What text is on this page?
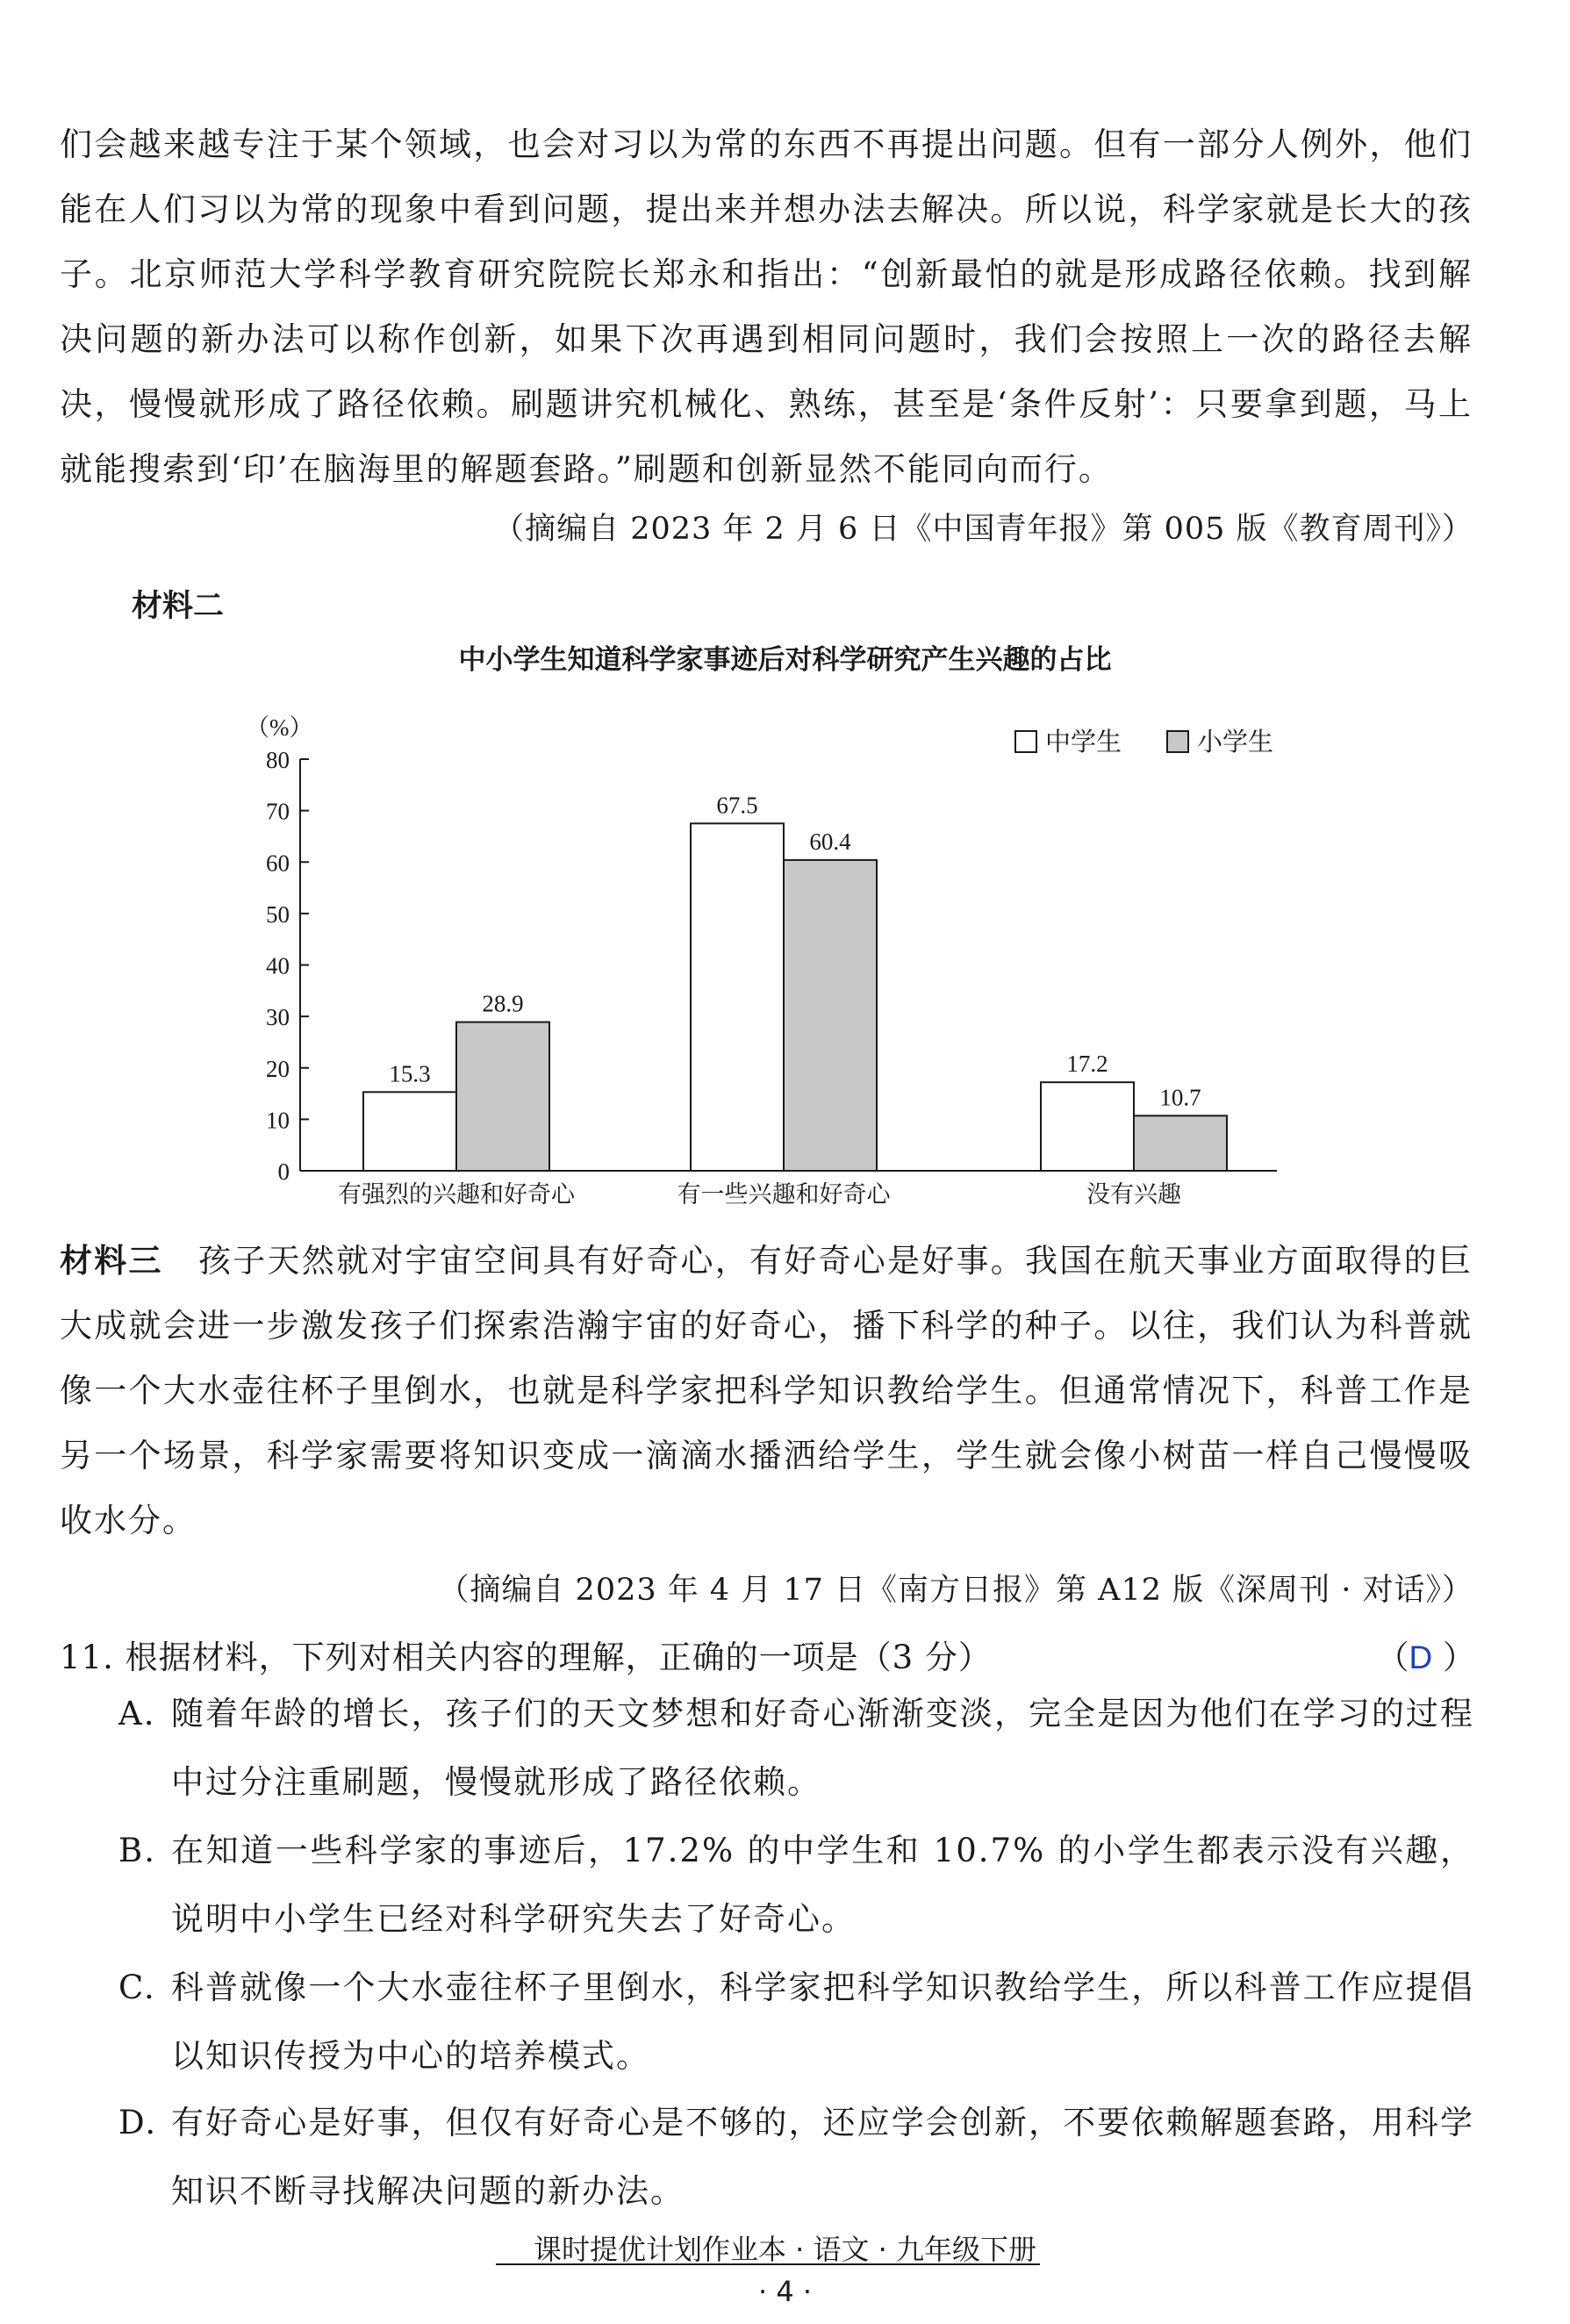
们会越来越专注于某个领域，也会对习以为常的东西不再提出问题。但有一部分人例外，他们能在人们习以为常的现象中看到问题，提出来并想办法去解决。所以说，科学家就是长大的孩子。北京师范大学科学教育研究院院长郑永和指出：“创新最怕的就是形成路径依赖。找到解决问题的新办法可以称作创新，如果下次再遇到相同问题时，我们会按照上一次的路径去解决，慢慢就形成了路径依赖。刷题讲究机械化、熟练，甚至是‘条件反射’：只要拿到题，马上就能搜索到‘印’在脑海里的解题套路。”刷题和创新显然不能同向而行。
（摘编自 2023 年 2 月 6 日《中国青年报》第 005 版《教育周刊》）
材料二
中小学生知道科学家事迹后对科学研究产生兴趣的占比
（%）
中学生	小学生
0
10
20
30
40
50
60
70
80
有强烈的兴趣和好奇心	有一些兴趣和好奇心	没有兴趣
15.3
28.9
67.5
60.4
17.2
10.7
材料三 孩子天然就对宇宙空间具有好奇心，有好奇心是好事。我国在航天事业方面取得的巨大成就会进一步激发孩子们探索浩瀚宇宙的好奇心，播下科学的种子。以往，我们认为科普就像一个大水壶往杯子里倒水，也就是科学家把科学知识教给学生。但通常情况下，科普工作是另一个场景，科学家需要将知识变成一滴滴水播洒给学生，学生就会像小树苗一样自己慢慢吸收水分。
（摘编自 2023 年 4 月 17 日《南方日报》第 A12 版《深周刊 · 对话》）
11. 根据材料，下列对相关内容的理解，正确的一项是（3 分）	（D ）
A. 随着年龄的增长，孩子们的天文梦想和好奇心渐渐变淡，完全是因为他们在学习的过程中过分注重刷题，慢慢就形成了路径依赖。
B. 在知道一些科学家的事迹后，17.2% 的中学生和 10.7% 的小学生都表示没有兴趣，说明中小学生已经对科学研究失去了好奇心。
C. 科普就像一个大水壶往杯子里倒水，科学家把科学知识教给学生，所以科普工作应提倡以知识传授为中心的培养模式。
D. 有好奇心是好事，但仅有好奇心是不够的，还应学会创新，不要依赖解题套路，用科学知识不断寻找解决问题的新办法。
课时提优计划作业本 · 语文 · 九年级下册
· 4 ·
